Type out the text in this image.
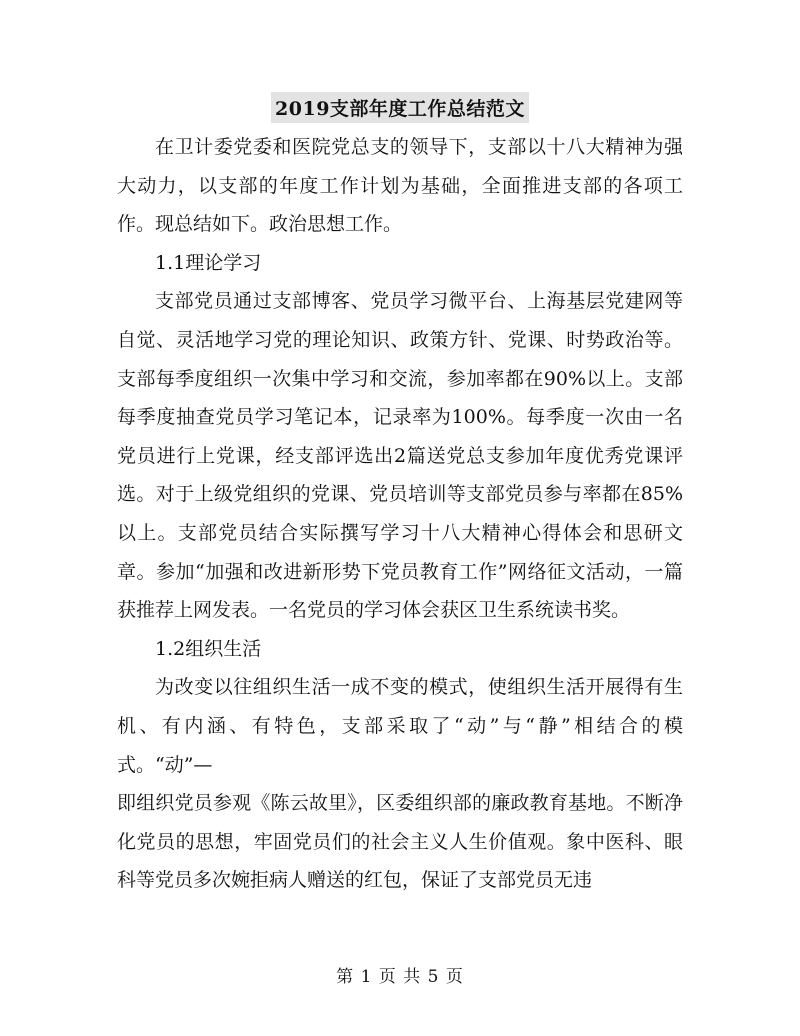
2019支部年度工作总结范文

在卫计委党委和医院党总支的领导下，支部以十八大精神为强大动力，以支部的年度工作计划为基础，全面推进支部的各项工作。现总结如下。政治思想工作。

1.1理论学习

支部党员通过支部博客、党员学习微平台、上海基层党建网等自觉、灵活地学习党的理论知识、政策方针、党课、时势政治等。支部每季度组织一次集中学习和交流，参加率都在90%以上。支部每季度抽查党员学习笔记本，记录率为100%。每季度一次由一名党员进行上党课，经支部评选出2篇送党总支参加年度优秀党课评选。对于上级党组织的党课、党员培训等支部党员参与率都在85%以上。支部党员结合实际撰写学习十八大精神心得体会和思研文章。参加“加强和改进新形势下党员教育工作”网络征文活动，一篇获推荐上网发表。一名党员的学习体会获区卫生系统读书奖。

1.2组织生活

为改变以往组织生活一成不变的模式，使组织生活开展得有生机、有内涵、有特色，支部采取了“动”与“静”相结合的模式。“动”—

即组织党员参观《陈云故里》，区委组织部的廉政教育基地。不断净化党员的思想，牢固党员们的社会主义人生价值观。象中医科、眼科等党员多次婉拒病人赠送的红包，保证了支部党员无违

第 1 页 共 5 页
